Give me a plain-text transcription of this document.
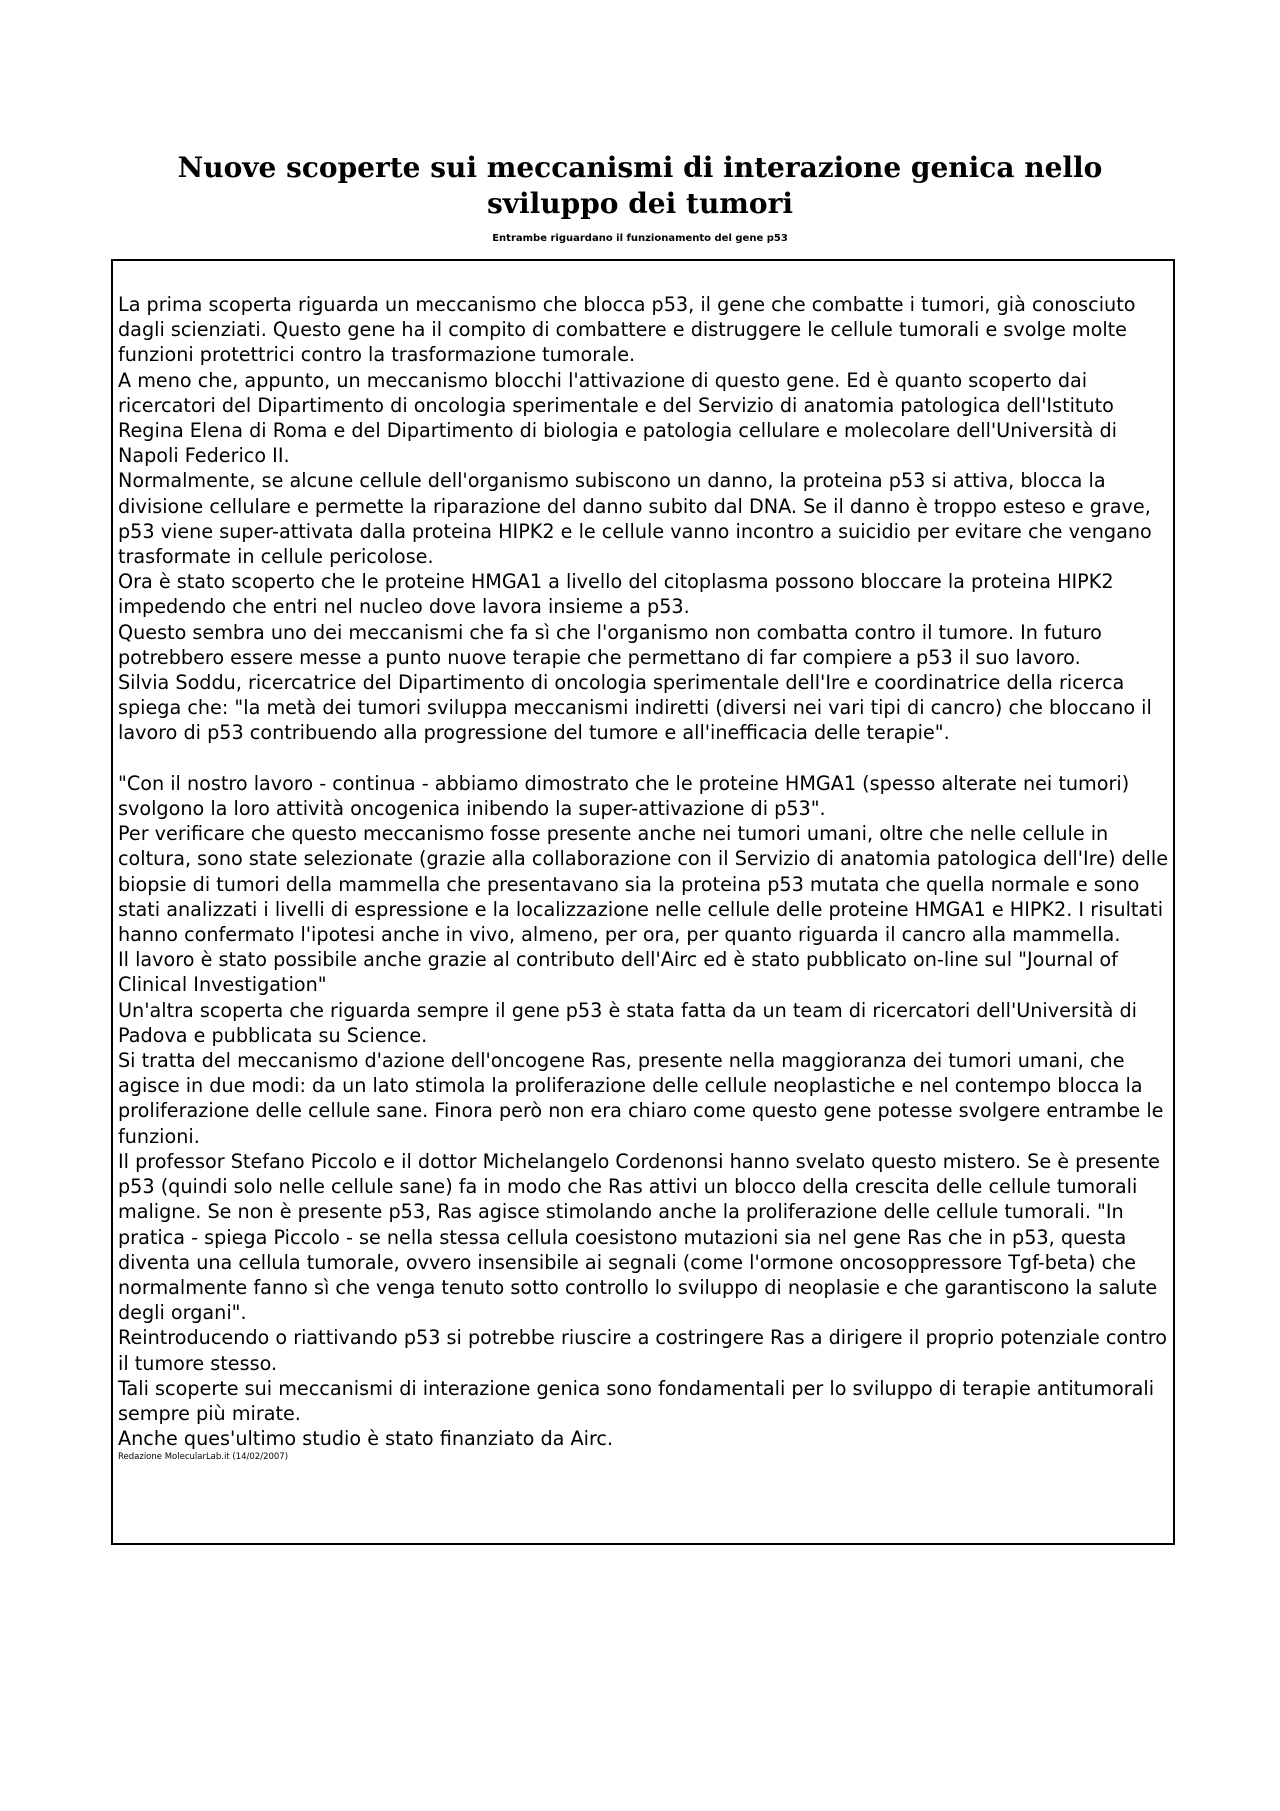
Nuove scoperte sui meccanismi di interazione genica nello sviluppo dei tumori
Entrambe riguardano il funzionamento del gene p53

La prima scoperta riguarda un meccanismo che blocca p53, il gene che combatte i tumori, già conosciuto dagli scienziati. Questo gene ha il compito di combattere e distruggere le cellule tumorali e svolge molte funzioni protettrici contro la trasformazione tumorale.

A meno che, appunto, un meccanismo blocchi l'attivazione di questo gene. Ed è quanto scoperto dai ricercatori del Dipartimento di oncologia sperimentale e del Servizio di anatomia patologica dell'Istituto Regina Elena di Roma e del Dipartimento di biologia e patologia cellulare e molecolare dell'Università di Napoli Federico II.

Normalmente, se alcune cellule dell'organismo subiscono un danno, la proteina p53 si attiva, blocca la divisione cellulare e permette la riparazione del danno subito dal DNA. Se il danno è troppo esteso e grave, p53 viene super-attivata dalla proteina HIPK2 e le cellule vanno incontro a suicidio per evitare che vengano trasformate in cellule pericolose.

Ora è stato scoperto che le proteine HMGA1 a livello del citoplasma possono bloccare la proteina HIPK2 impedendo che entri nel nucleo dove lavora insieme a p53.

Questo sembra uno dei meccanismi che fa sì che l'organismo non combatta contro il tumore. In futuro potrebbero essere messe a punto nuove terapie che permettano di far compiere a p53 il suo lavoro.

Silvia Soddu, ricercatrice del Dipartimento di oncologia sperimentale dell'Ire e coordinatrice della ricerca spiega che: "la metà dei tumori sviluppa meccanismi indiretti (diversi nei vari tipi di cancro) che bloccano il lavoro di p53 contribuendo alla progressione del tumore e all'inefficacia delle terapie".

"Con il nostro lavoro - continua - abbiamo dimostrato che le proteine HMGA1 (spesso alterate nei tumori) svolgono la loro attività oncogenica inibendo la super-attivazione di p53".

Per verificare che questo meccanismo fosse presente anche nei tumori umani, oltre che nelle cellule in coltura, sono state selezionate (grazie alla collaborazione con il Servizio di anatomia patologica dell'Ire) delle biopsie di tumori della mammella che presentavano sia la proteina p53 mutata che quella normale e sono stati analizzati i livelli di espressione e la localizzazione nelle cellule delle proteine HMGA1 e HIPK2. I risultati hanno confermato l'ipotesi anche in vivo, almeno, per ora, per quanto riguarda il cancro alla mammella.

Il lavoro è stato possibile anche grazie al contributo dell'Airc ed è stato pubblicato on-line sul "Journal of Clinical Investigation"

Un'altra scoperta che riguarda sempre il gene p53 è stata fatta da un team di ricercatori dell'Università di Padova e pubblicata su Science.

Si tratta del meccanismo d'azione dell'oncogene Ras, presente nella maggioranza dei tumori umani, che agisce in due modi: da un lato stimola la proliferazione delle cellule neoplastiche e nel contempo blocca la proliferazione delle cellule sane. Finora però non era chiaro come questo gene potesse svolgere entrambe le funzioni.

Il professor Stefano Piccolo e il dottor Michelangelo Cordenonsi hanno svelato questo mistero. Se è presente p53 (quindi solo nelle cellule sane) fa in modo che Ras attivi un blocco della crescita delle cellule tumorali maligne. Se non è presente p53, Ras agisce stimolando anche la proliferazione delle cellule tumorali. "In pratica - spiega Piccolo - se nella stessa cellula coesistono mutazioni sia nel gene Ras che in p53, questa diventa una cellula tumorale, ovvero insensibile ai segnali (come l'ormone oncosoppressore Tgf-beta) che normalmente fanno sì che venga tenuto sotto controllo lo sviluppo di neoplasie e che garantiscono la salute degli organi".

Reintroducendo o riattivando p53 si potrebbe riuscire a costringere Ras a dirigere il proprio potenziale contro il tumore stesso.

Tali scoperte sui meccanismi di interazione genica sono fondamentali per lo sviluppo di terapie antitumorali sempre più mirate.

Anche ques'ultimo studio è stato finanziato da Airc.

Redazione MolecularLab.it (14/02/2007)
